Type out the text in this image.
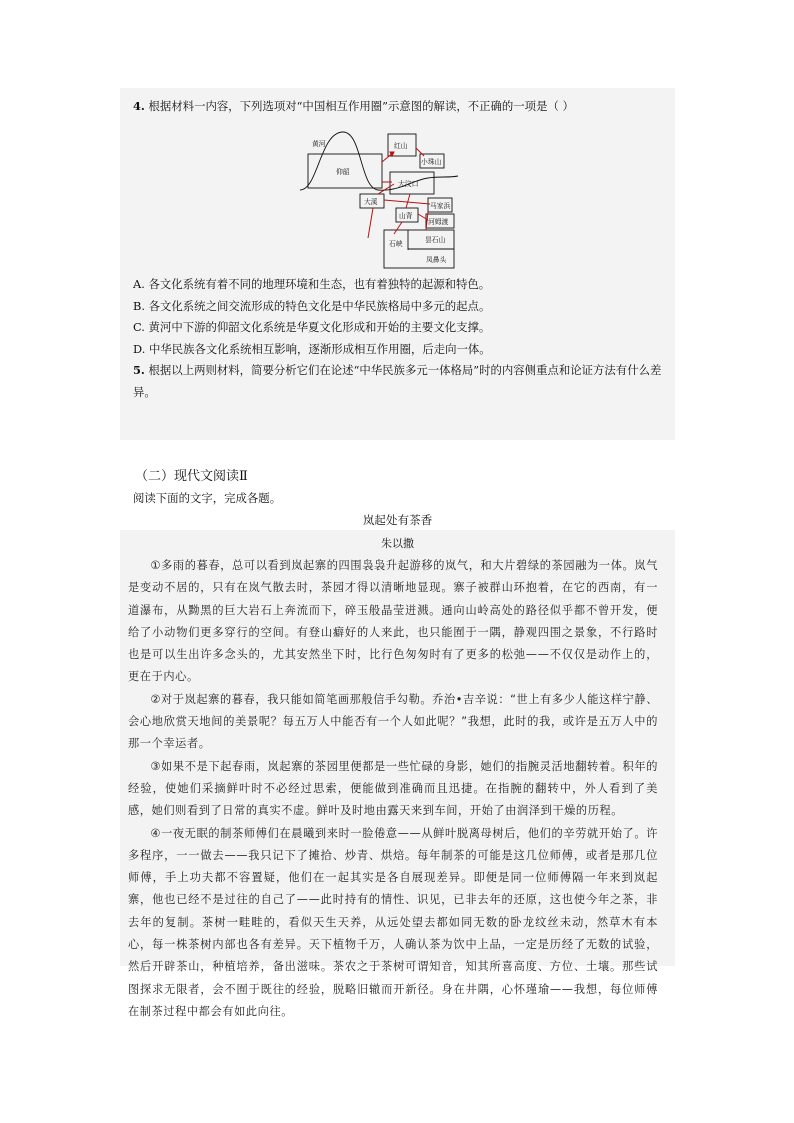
4. 根据材料一内容，下列选项对“中国相互作用圈”示意图的解读，不正确的一项是（ ）
黄河
仰韶
红山
小珠山
大汶口
大溪	马家浜
山背
河姆渡
石峡	昙石山
凤鼻头
A. 各文化系统有着不同的地理环境和生态，也有着独特的起源和特色。
B. 各文化系统之间交流形成的特色文化是中华民族格局中多元的起点。
C. 黄河中下游的仰韶文化系统是华夏文化形成和开始的主要文化支撑。
D. 中华民族各文化系统相互影响，逐渐形成相互作用圈，后走向一体。
5. 根据以上两则材料，简要分析它们在论述“中华民族多元一体格局”时的内容侧重点和论证方法有什么差
异。
（二）现代文阅读Ⅱ
阅读下面的文字，完成各题。
岚起处有茶香
朱以撒

①多雨的暮春，总可以看到岚起寨的四围袅袅升起游移的岚气，和大片碧绿的茶园融为一体。岚气是变动不居的，只有在岚气散去时，茶园才得以清晰地显现。寨子被群山环抱着，在它的西南，有一道瀑布，从黝黑的巨大岩石上奔流而下，碎玉般晶莹迸溅。通向山岭高处的路径似乎都不曾开发，便给了小动物们更多穿行的空间。有登山癖好的人来此，也只能囿于一隅，静观四围之景象，不行路时也是可以生出许多念头的，尤其安然坐下时，比行色匆匆时有了更多的松弛——不仅仅是动作上的，更在于内心。

②对于岚起寨的暮春，我只能如简笔画那般信手勾勒。乔治•吉辛说：“世上有多少人能这样宁静、会心地欣赏天地间的美景呢？每五万人中能否有一个人如此呢？”我想，此时的我，或许是五万人中的那一个幸运者。

③如果不是下起春雨，岚起寨的茶园里便都是一些忙碌的身影，她们的指腕灵活地翻转着。积年的经验，使她们采摘鲜叶时不必经过思索，便能做到准确而且迅捷。在指腕的翻转中，外人看到了美感，她们则看到了日常的真实不虚。鲜叶及时地由露天来到车间，开始了由润泽到干燥的历程。

④一夜无眠的制茶师傅们在晨曦到来时一脸倦意——从鲜叶脱离母树后，他们的辛劳就开始了。许多程序，一一做去——我只记下了摊拾、炒青、烘焙。每年制茶的可能是这几位师傅，或者是那几位师傅，手上功夫都不容置疑，他们在一起其实是各自展现差异。即便是同一位师傅隔一年来到岚起寨，他也已经不是过往的自己了——此时持有的情性、识见，已非去年的还原，这也使今年之茶，非去年的复制。茶树一畦畦的，看似天生天养，从远处望去都如同无数的卧龙纹丝未动，然草木有本心，每一株茶树内部也各有差异。天下植物千万，人确认茶为饮中上品，一定是历经了无数的试验，然后开辟茶山，种植培养，备出滋味。茶农之于茶树可谓知音，知其所喜高度、方位、土壤。那些试图探求无限者，会不囿于既往的经验，脱略旧辙而开新径。身在井隅，心怀瑾瑜——我想，每位师傅在制茶过程中都会有如此向往。
